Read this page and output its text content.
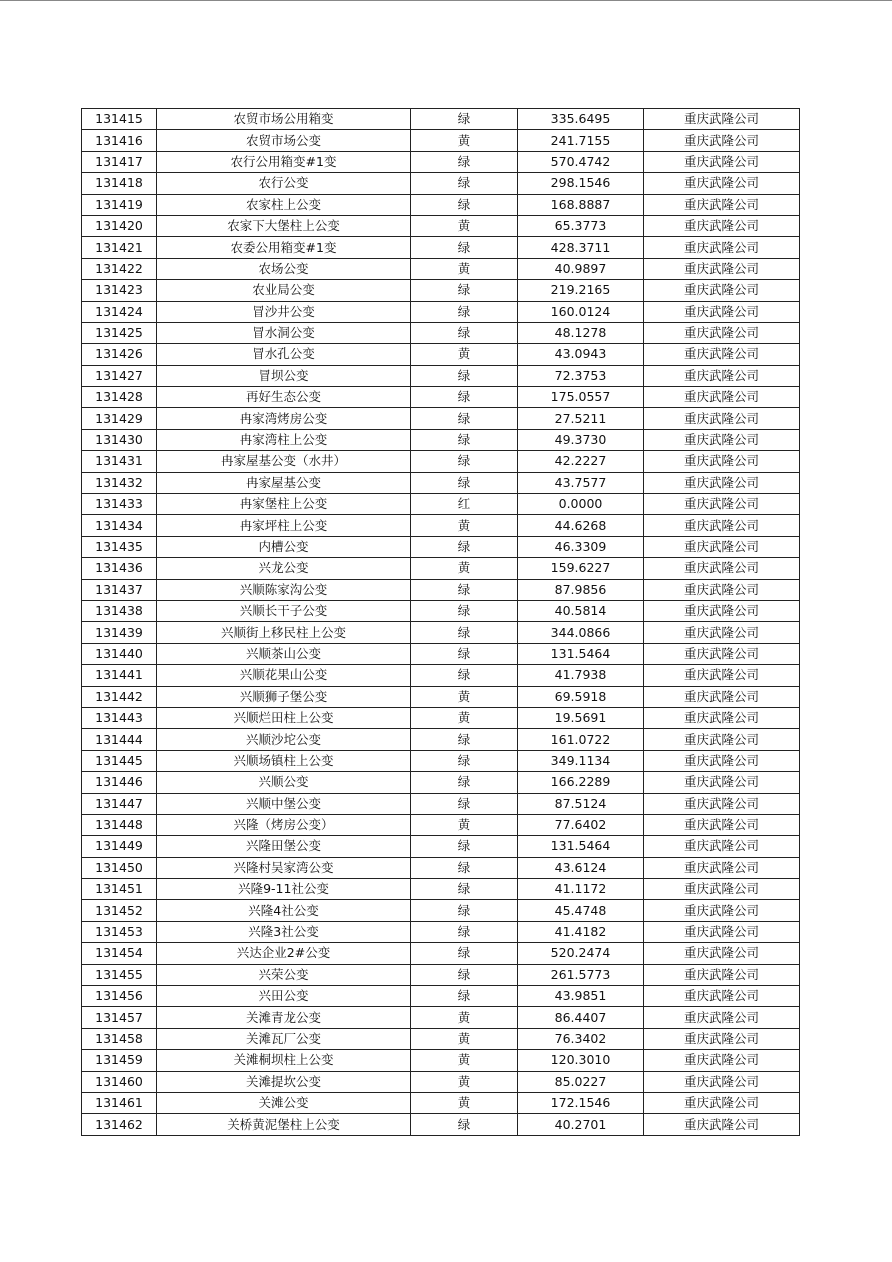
131415	农贸市场公用箱变	绿	335.6495	重庆武隆公司
131416	农贸市场公变	黄	241.7155	重庆武隆公司
131417	农行公用箱变#1变	绿	570.4742	重庆武隆公司
131418	农行公变	绿	298.1546	重庆武隆公司
131419	农家柱上公变	绿	168.8887	重庆武隆公司
131420	农家下大堡柱上公变	黄	65.3773	重庆武隆公司
131421	农委公用箱变#1变	绿	428.3711	重庆武隆公司
131422	农场公变	黄	40.9897	重庆武隆公司
131423	农业局公变	绿	219.2165	重庆武隆公司
131424	冒沙井公变	绿	160.0124	重庆武隆公司
131425	冒水洞公变	绿	48.1278	重庆武隆公司
131426	冒水孔公变	黄	43.0943	重庆武隆公司
131427	冒坝公变	绿	72.3753	重庆武隆公司
131428	再好生态公变	绿	175.0557	重庆武隆公司
131429	冉家湾烤房公变	绿	27.5211	重庆武隆公司
131430	冉家湾柱上公变	绿	49.3730	重庆武隆公司
131431	冉家屋基公变（水井）	绿	42.2227	重庆武隆公司
131432	冉家屋基公变	绿	43.7577	重庆武隆公司
131433	冉家堡柱上公变	红	0.0000	重庆武隆公司
131434	冉家坪柱上公变	黄	44.6268	重庆武隆公司
131435	内槽公变	绿	46.3309	重庆武隆公司
131436	兴龙公变	黄	159.6227	重庆武隆公司
131437	兴顺陈家沟公变	绿	87.9856	重庆武隆公司
131438	兴顺长干子公变	绿	40.5814	重庆武隆公司
131439	兴顺街上移民柱上公变	绿	344.0866	重庆武隆公司
131440	兴顺茶山公变	绿	131.5464	重庆武隆公司
131441	兴顺花果山公变	绿	41.7938	重庆武隆公司
131442	兴顺狮子堡公变	黄	69.5918	重庆武隆公司
131443	兴顺烂田柱上公变	黄	19.5691	重庆武隆公司
131444	兴顺沙坨公变	绿	161.0722	重庆武隆公司
131445	兴顺场镇柱上公变	绿	349.1134	重庆武隆公司
131446	兴顺公变	绿	166.2289	重庆武隆公司
131447	兴顺中堡公变	绿	87.5124	重庆武隆公司
131448	兴隆（烤房公变）	黄	77.6402	重庆武隆公司
131449	兴隆田堡公变	绿	131.5464	重庆武隆公司
131450	兴隆村吴家湾公变	绿	43.6124	重庆武隆公司
131451	兴隆9-11社公变	绿	41.1172	重庆武隆公司
131452	兴隆4社公变	绿	45.4748	重庆武隆公司
131453	兴隆3社公变	绿	41.4182	重庆武隆公司
131454	兴达企业2#公变	绿	520.2474	重庆武隆公司
131455	兴荣公变	绿	261.5773	重庆武隆公司
131456	兴田公变	绿	43.9851	重庆武隆公司
131457	关滩青龙公变	黄	86.4407	重庆武隆公司
131458	关滩瓦厂公变	黄	76.3402	重庆武隆公司
131459	关滩桐坝柱上公变	黄	120.3010	重庆武隆公司
131460	关滩提坎公变	黄	85.0227	重庆武隆公司
131461	关滩公变	黄	172.1546	重庆武隆公司
131462	关桥黄泥堡柱上公变	绿	40.2701	重庆武隆公司
